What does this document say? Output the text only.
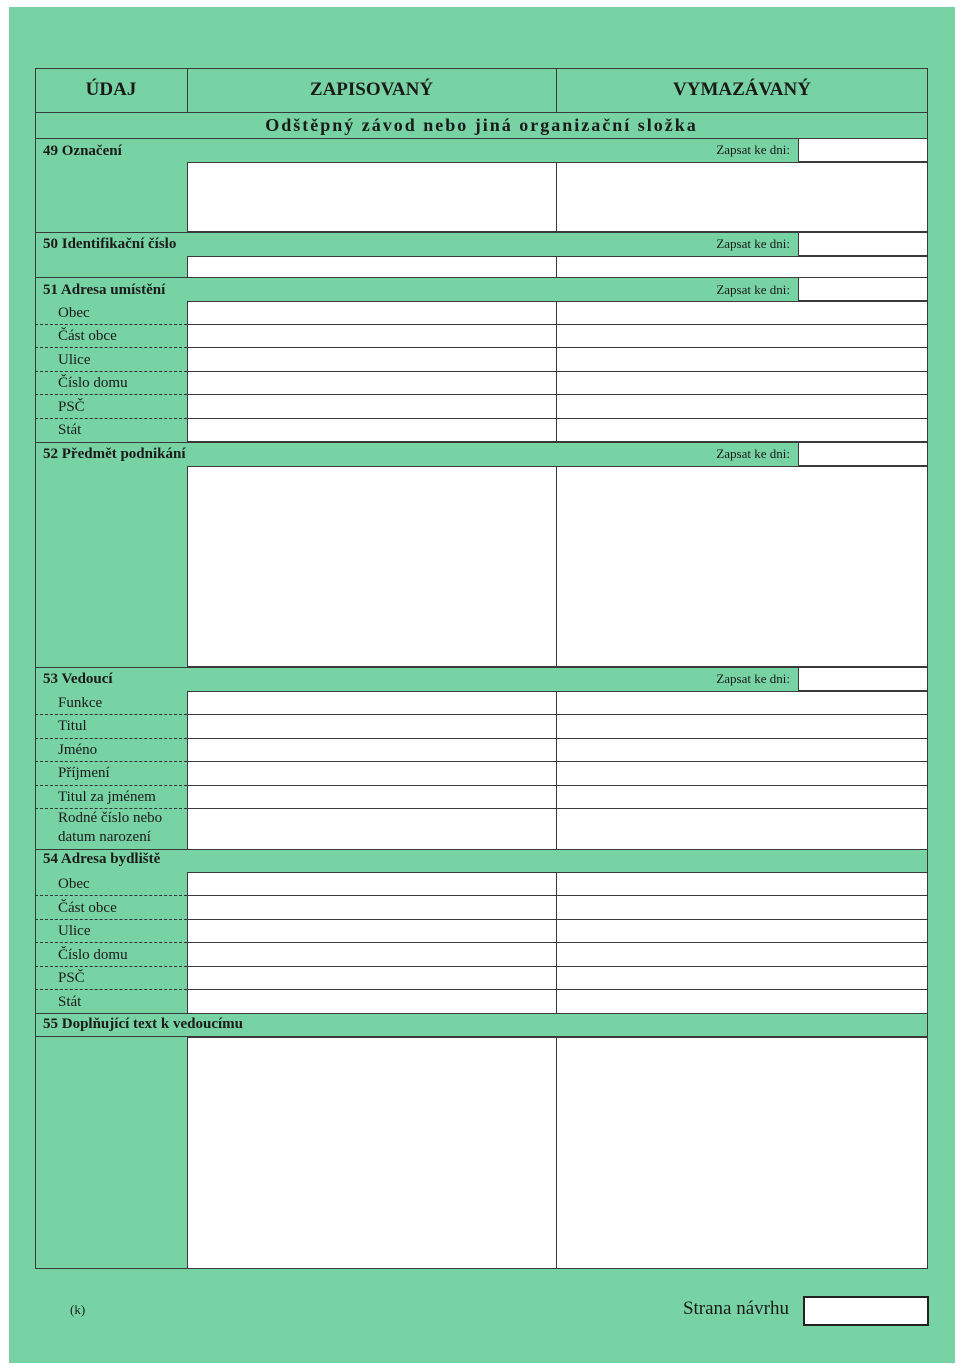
ÚDAJ	ZAPISOVANÝ	VYMAZÁVANÝ
Odštěpný závod nebo jiná organizační složka
49 Označení	Zapsat ke dni:
50 Identifikační číslo	Zapsat ke dni:
51 Adresa umístění	Zapsat ke dni:
Obec
Část obce
Ulice
Číslo domu
PSČ
Stát
52 Předmět podnikání	Zapsat ke dni:
53 Vedoucí	Zapsat ke dni:
Funkce
Titul
Jméno
Příjmení
Titul za jménem
Rodné číslo nebo
datum narození
54 Adresa bydliště
Obec
Část obce
Ulice
Číslo domu
PSČ
Stát
55 Doplňující text k vedoucímu
(k)	Strana návrhu
